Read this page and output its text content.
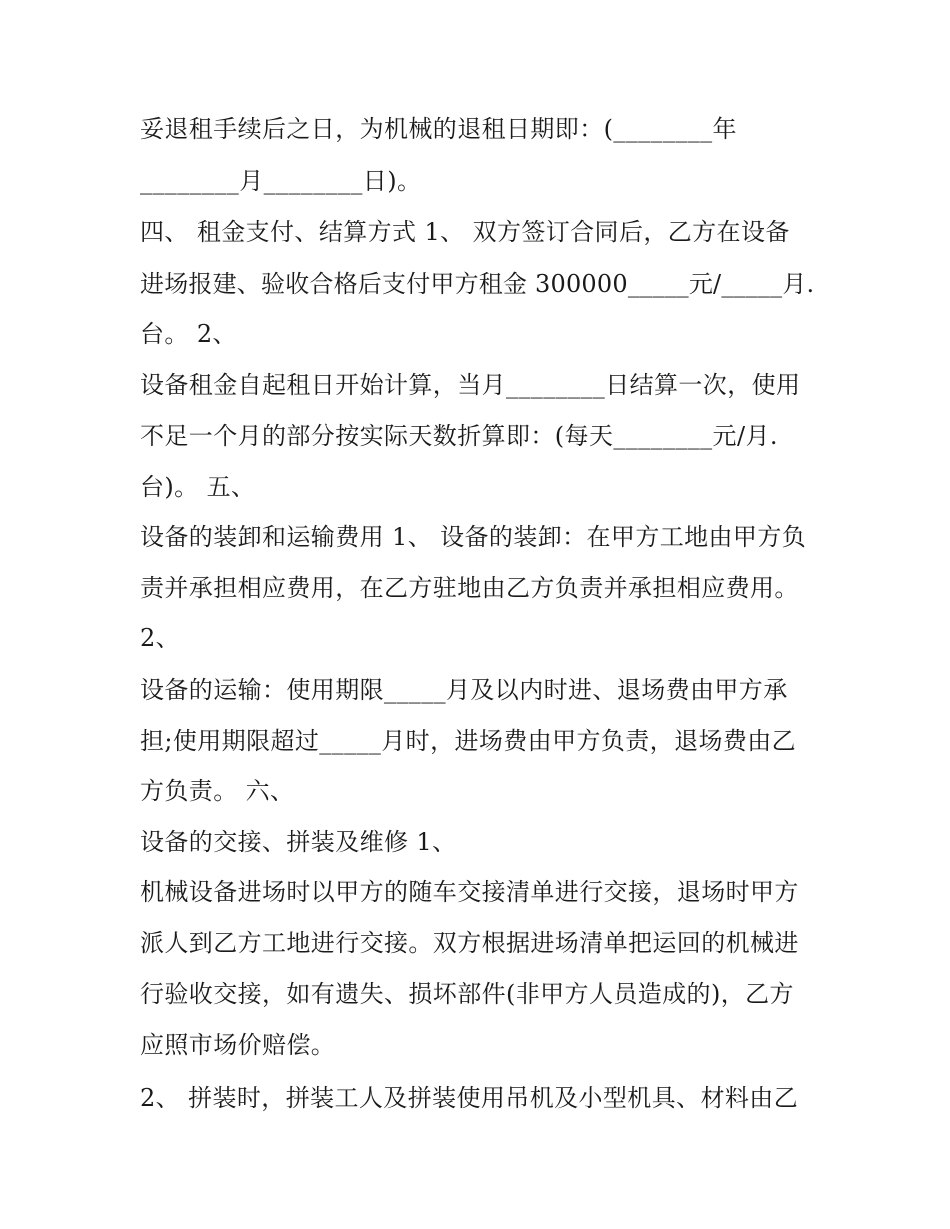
妥退租手续后之日，为机械的退租日期即：(________年
________月________日)。
四、 租金支付、结算方式 1、 双方签订合同后，乙方在设备
进场报建、验收合格后支付甲方租金 300000_____元/_____月.
台。 2、
设备租金自起租日开始计算，当月________日结算一次，使用
不足一个月的部分按实际天数折算即：(每天________元/月.
台)。 五、
设备的装卸和运输费用 1、 设备的装卸：在甲方工地由甲方负
责并承担相应费用，在乙方驻地由乙方负责并承担相应费用。
2、
设备的运输：使用期限_____月及以内时进、退场费由甲方承
担;使用期限超过_____月时，进场费由甲方负责，退场费由乙
方负责。 六、
设备的交接、拼装及维修 1、
机械设备进场时以甲方的随车交接清单进行交接，退场时甲方
派人到乙方工地进行交接。双方根据进场清单把运回的机械进
行验收交接，如有遗失、损坏部件(非甲方人员造成的)，乙方
应照市场价赔偿。
2、 拼装时，拼装工人及拼装使用吊机及小型机具、材料由乙
